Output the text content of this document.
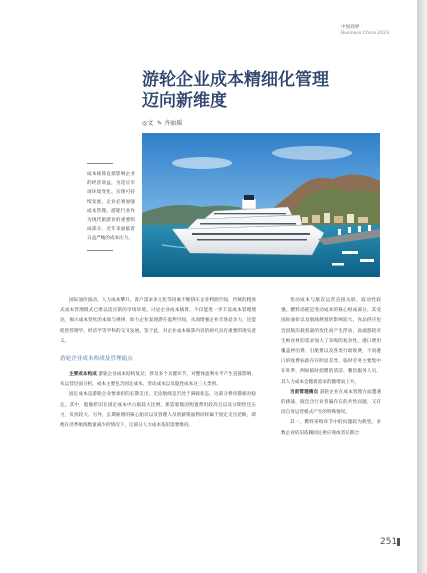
中国商界
Business China 2023
游轮企业成本精细化管理
迈向新维度
◎文 ✎ 齐丽瑶
成本核算直接影响企业的经济效益，为适应市场环境变化、实现可持续发展，企业必须加强成本管理。游轮行业作为现代旅游业的重要组成部分，近年来面临着日益严峻的成本压力。

国际油价波动、人力成本攀升、客户需求多元化等因素不断挤压企业利润空间，传统的粗放式成本管理模式已难以适应新的市场环境。讨论企业成本核算，不仅能进一步丰富成本管理理论，揭示成本变化的本质与规律，助力企业发现潜在盈利空间，从而增强企业市场竞争力，还能促进管理学、经济学等学科的交叉发展。鉴于此，对企业成本核算内容的研究具有重要的现实意义。

游轮企业成本构成及管理痛点

主要成本构成 游轮企业成本结构复杂，涉及多个关键环节，对整体盈利水平产生直接影响，从运营层面分析，成本主要包含固定成本、变动成本以及隐性成本这三大类别。

固定成本是游轮企业要承担的长期支出，无论航线是否处于满载状态，这部分费用都相对稳定。其中，船舶折旧在固定成本中占据较大比例。新造船舶因购置费用较高且以及分期偿还压力，负担较大。另外，长期雇佣的核心船员以及管理人员的薪资福利同样属于固定支出范畴，即便在淡季航线数量减少的情况下，这部分人力成本依旧需要维持。

变动成本与航次运营直接关联，波动性较强。燃料消耗是变动成本的核心组成部分，其受国际油价以及航线规划的影响较大。食品供应也会因航次载客量的变化而产生浮动，高端游轮对生鲜食材的需求加大了采购的复杂性，港口费用覆盖停泊费、引航费以及各类行政收费，不同港口的收费标准存在明显差异，临时劳务主要集中在旺季，例如临时招聘的清洁、餐饮服务人员，其人力成本会随着需求的激增而上升。

当前管理痛点 游轮企业在成本管理方面遭遇的挑战，既包含行业普遍存在的共性问题，又有因自身运营模式产生的特殊情况。

其一，燃料采购环节中的问题较为典型。多数企业依旧依赖固定供应商或者长期合

251
